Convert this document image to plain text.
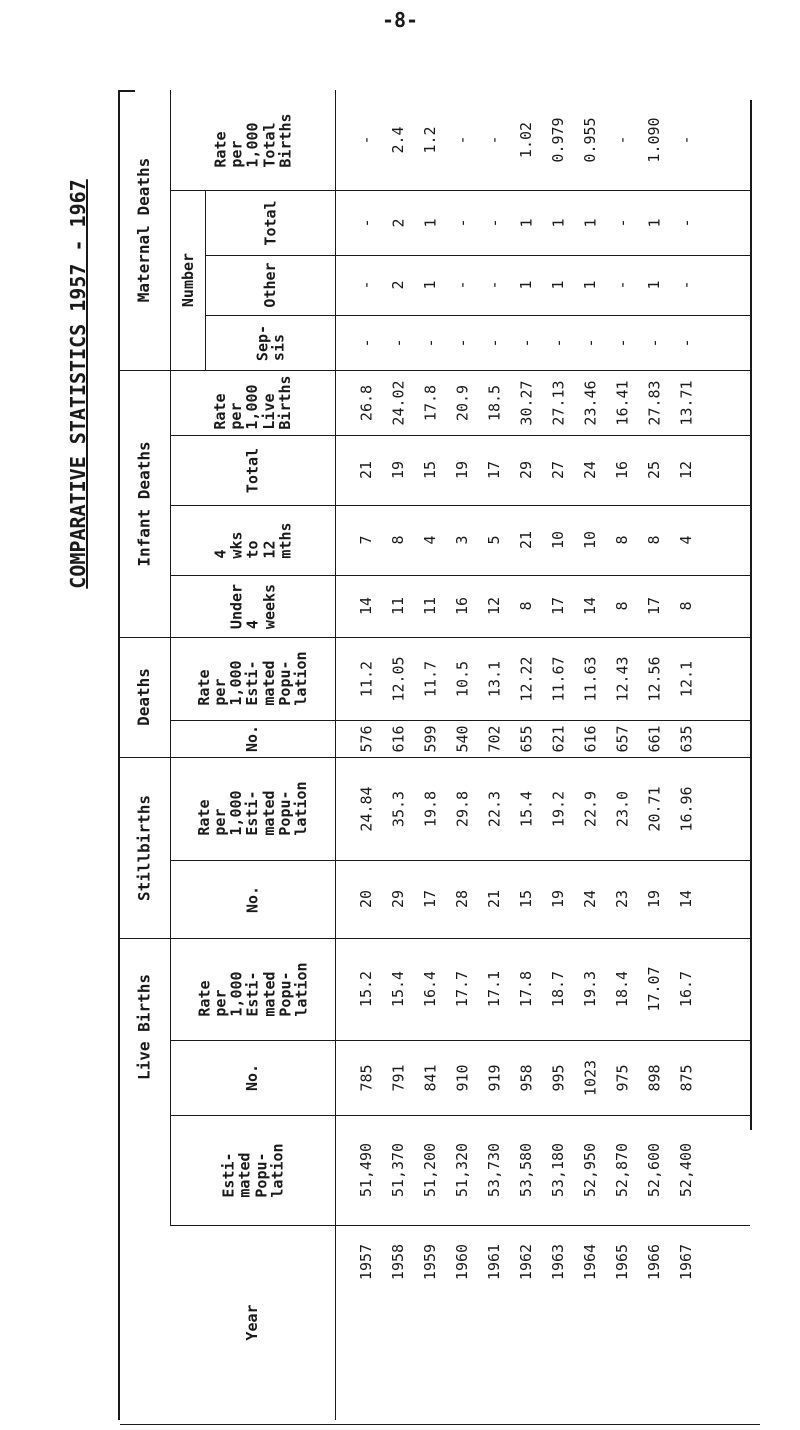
-8-
COMPARATIVE STATISTICS 1957 - 1967	Maternal Deaths
Infant Deaths
Deaths
Stillbirths
Live Births
Number
Rate
per
1,000
Total
Births
Total
Other
Sep-
sis
Rate
per
1,000
Live
Births
Total
4
wks
to
12
mths
Under
4
weeks
Rate
per
1,000
Esti-
mated
Popu-
lation
No.
Rate
per
1,000
Esti-
mated
Popu-
lation
No.
Rate
per
1,000
Esti-
mated
Popu-
lation
No.
Esti-
mated
Popu-
lation
Year
-
-
-
-
26.8
21
7
14
11.2
576
24.84
20
15.2
785
51,490
1957
2.4
2
2
-
24.02
19
8
11
12.05
616
35.3
29
15.4
791
51,370
1958
1.2
1
1
-
17.8
15
4
11
11.7
599
19.8
17
16.4
841
51,200
1959
-
-
-
-
20.9
19
3
16
10.5
540
29.8
28
17.7
910
51,320
1960
-
-
-
-
18.5
17
5
12
13.1
702
22.3
21
17.1
919
53,730
1961
1.02
1
1
-
30.27
29
21
8
12.22
655
15.4
15
17.8
958
53,580
1962
0.979
1
1
-
27.13
27
10
17
11.67
621
19.2
19
18.7
995
53,180
1963
0.955
1
1
-
23.46
24
10
14
11.63
616
22.9
24
19.3
1023
52,950
1964
-
-
-
-
16.41
16
8
8
12.43
657
23.0
23
18.4
975
52,870
1965
1.090
1
1
-
27.83
25
8
17
12.56
661
20.71
19
17.07
898
52,600
1966
-
-
-
-
13.71
12
4
8
12.1
635
16.96
14
16.7
875
52,400
1967
